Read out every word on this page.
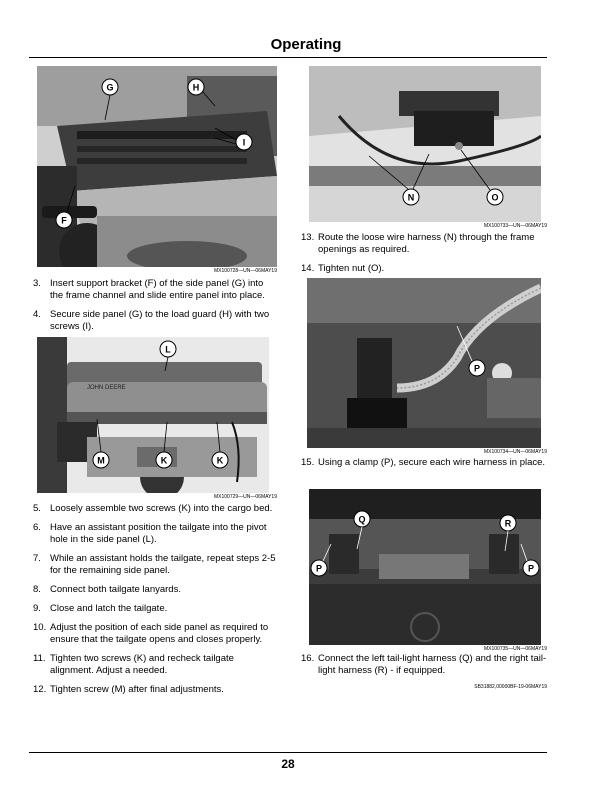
Operating
G	H
I
F
MX100728—UN—06MAY19
3. Insert support bracket (F) of the side panel (G) into the frame channel and slide entire panel into place.
4. Secure side panel (G) to the load guard (H) with two screws (I).
JOHN DEERE
L
M	K	K
MX100729—UN—06MAY19
5. Loosely assemble two screws (K) into the cargo bed.
6. Have an assistant position the tailgate into the pivot hole in the side panel (L).
7. While an assistant holds the tailgate, repeat steps 2-5 for the remaining side panel.
8. Connect both tailgate lanyards.
9. Close and latch the tailgate.
10. Adjust the position of each side panel as required to ensure that the tailgate opens and closes properly.
11. Tighten two screws (K) and recheck tailgate alignment. Adjust a needed.
12. Tighten screw (M) after final adjustments.
N	O
MX100733—UN—06MAY19
13. Route the loose wire harness (N) through the frame openings as required.
14. Tighten nut (O).
P
MX100734—UN—06MAY19
15. Using a clamp (P), secure each wire harness in place.
Q	R
P	P
MX100735—UN—06MAY19
16. Connect the left tail-light harness (Q) and the right tail-light harness (R) - if equipped.
SB31882,00000BF-19-06MAY19
28
